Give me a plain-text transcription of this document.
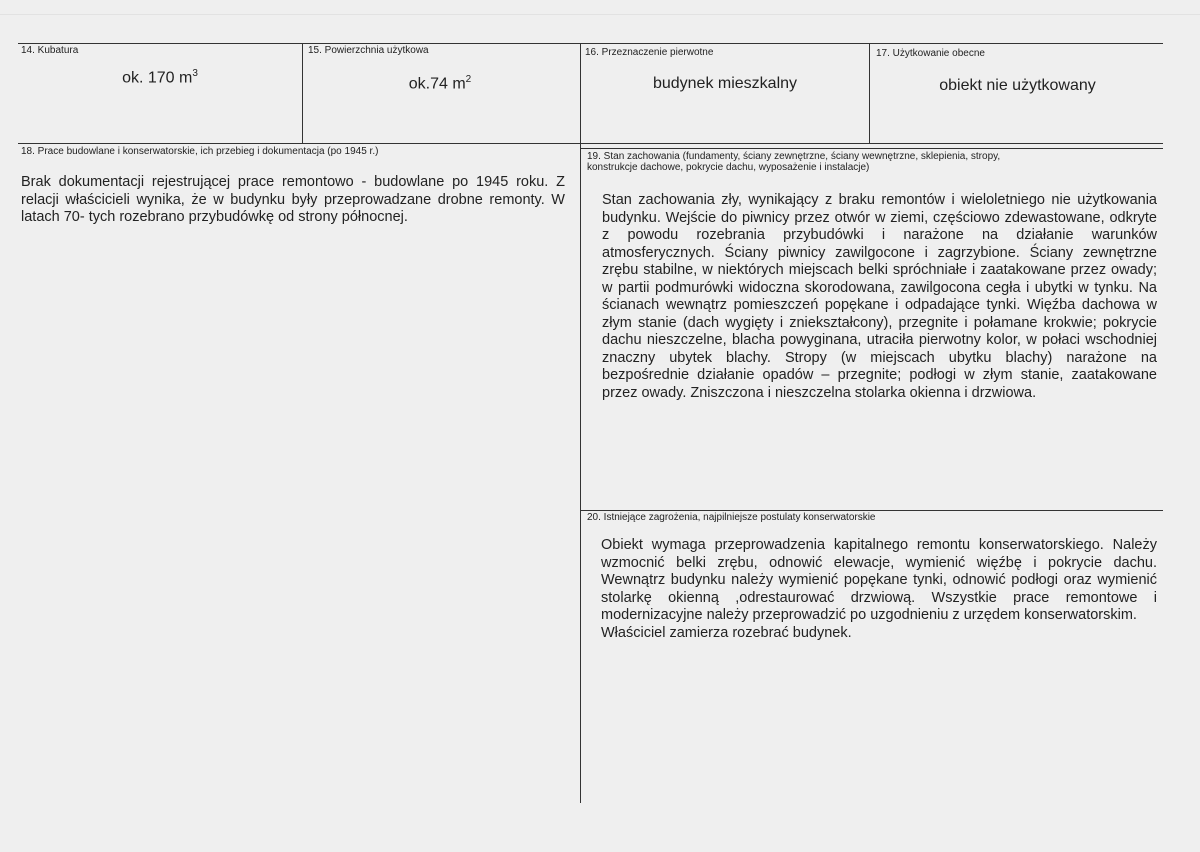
14. Kubatura
ok. 170 $m^3$
15. Powierzchnia użytkowa
ok.74 $m^2$
16. Przeznaczenie pierwotne
budynek mieszkalny
17. Użytkowanie obecne
obiekt nie użytkowany
18. Prace budowlane i konserwatorskie, ich przebieg i dokumentacja (po 1945 r.)

Brak dokumentacji rejestrującej prace remontowo - budowlane po 1945 roku. Z relacji właścicieli wynika, że w budynku były przeprowadzane drobne remonty. W latach 70- tych rozebrano przybudówkę od strony północnej.

19. Stan zachowania (fundamenty, ściany zewnętrzne, ściany wewnętrzne, sklepienia, stropy,
konstrukcje dachowe, pokrycie dachu, wyposażenie i instalacje)

Stan zachowania zły, wynikający z braku remontów i wieloletniego nie użytkowania budynku. Wejście do piwnicy przez otwór w ziemi, częściowo zdewastowane, odkryte z powodu rozebrania przybudówki i narażone na działanie warunków atmosferycznych. Ściany piwnicy zawilgocone i zagrzybione. Ściany zewnętrzne zrębu stabilne, w niektórych miejscach belki spróchniałe i zaatakowane przez owady; w partii podmurówki widoczna skorodowana, zawilgocona cegła i ubytki w tynku. Na ścianach wewnątrz pomieszczeń popękane i odpadające tynki. Więźba dachowa w złym stanie (dach wygięty i zniekształcony), przegnite i połamane krokwie; pokrycie dachu nieszczelne, blacha powyginana, utraciła pierwotny kolor, w połaci wschodniej znaczny ubytek blachy. Stropy (w miejscach ubytku blachy) narażone na bezpośrednie działanie opadów – przegnite; podłogi w złym stanie, zaatakowane przez owady. Zniszczona i nieszczelna stolarka okienna i drzwiowa.

20. Istniejące zagrożenia, najpilniejsze postulaty konserwatorskie

Obiekt wymaga przeprowadzenia kapitalnego remontu konserwatorskiego. Należy wzmocnić belki zrębu, odnowić elewacje, wymienić więźbę i pokrycie dachu. Wewnątrz budynku należy wymienić popękane tynki, odnowić podłogi oraz wymienić stolarkę okienną ,odrestaurować drzwiową. Wszystkie prace remontowe i modernizacyjne należy przeprowadzić po uzgodnieniu z urzędem konserwatorskim.

Właściciel zamierza rozebrać budynek.
